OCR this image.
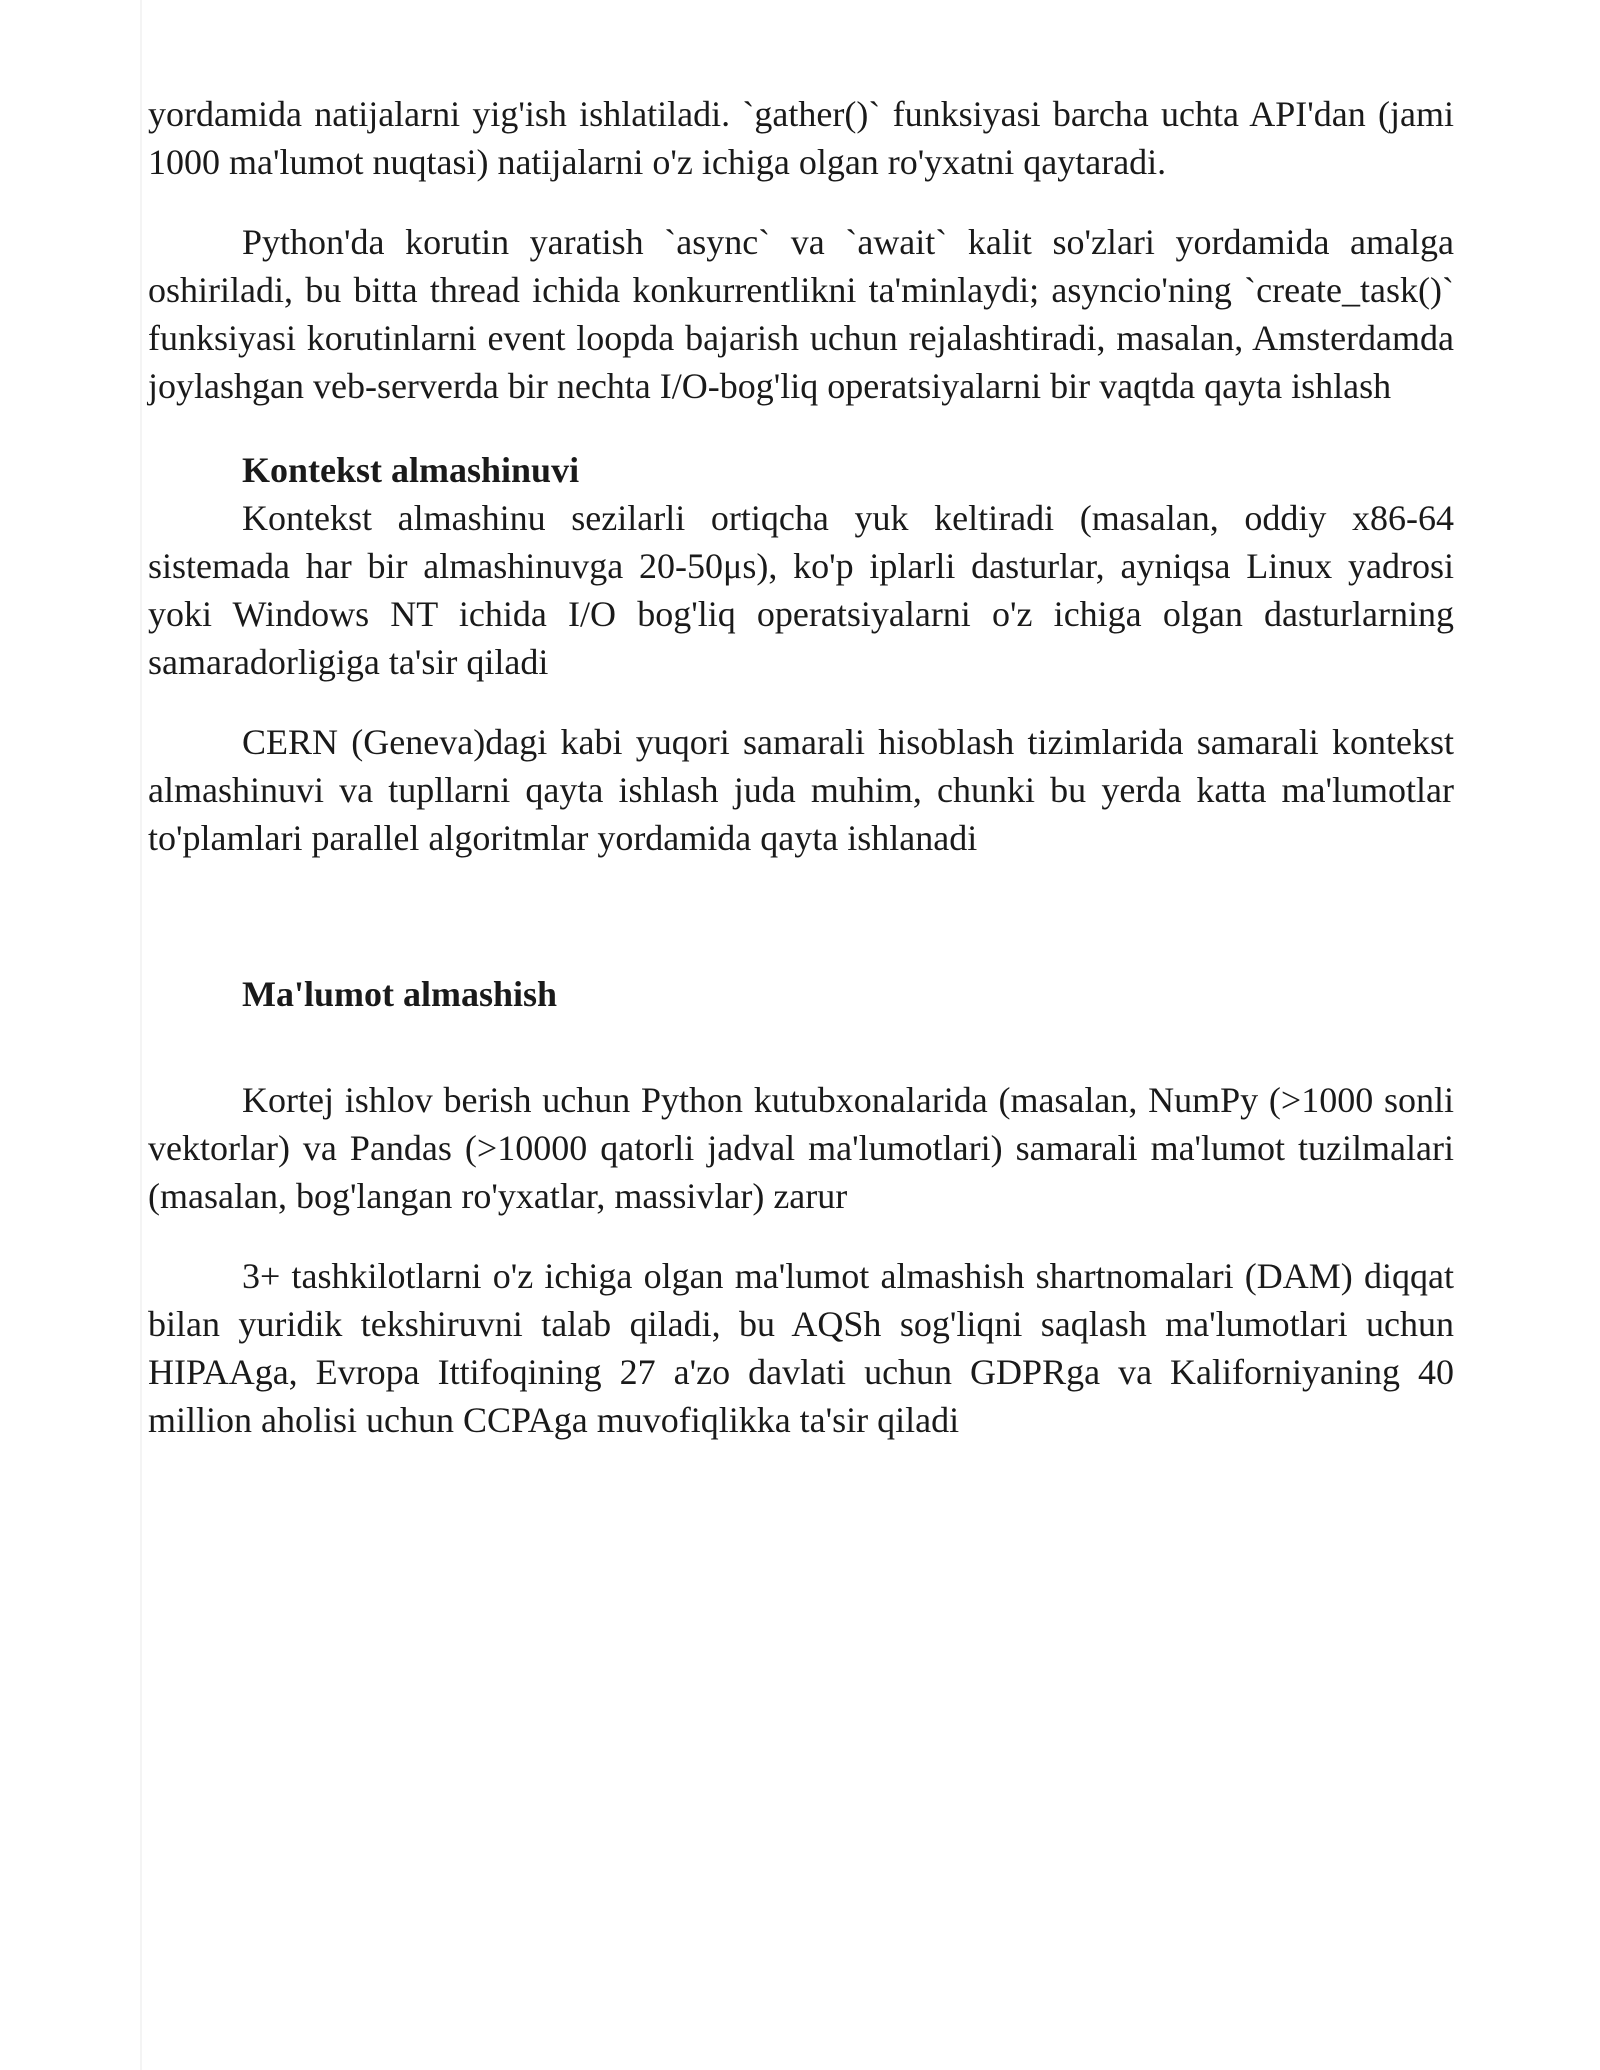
yordamida natijalarni yig'ish ishlatiladi. `gather()` funksiyasi barcha uchta API'dan (jami 1000 ma'lumot nuqtasi) natijalarni o'z ichiga olgan ro'yxatni qaytaradi.

Python'da korutin yaratish `async` va `await` kalit so'zlari yordamida amalga oshiriladi, bu bitta thread ichida konkurrentlikni ta'minlaydi; asyncio'ning `create_task()` funksiyasi korutinlarni event loopda bajarish uchun rejalashtiradi, masalan, Amsterdamda joylashgan veb-serverda bir nechta I/O-bog'liq operatsiyalarni bir vaqtda qayta ishlash

Kontekst almashinuvi

Kontekst almashinu sezilarli ortiqcha yuk keltiradi (masalan, oddiy x86-64 sistemada har bir almashinuvga 20-50μs), ko'p iplarli dasturlar, ayniqsa Linux yadrosi yoki Windows NT ichida I/O bog'liq operatsiyalarni o'z ichiga olgan dasturlarning samaradorligiga ta'sir qiladi

CERN (Geneva)dagi kabi yuqori samarali hisoblash tizimlarida samarali kontekst almashinuvi va tupllarni qayta ishlash juda muhim, chunki bu yerda katta ma'lumotlar to'plamlari parallel algoritmlar yordamida qayta ishlanadi

Ma'lumot almashish

Kortej ishlov berish uchun Python kutubxonalarida (masalan, NumPy (>1000 sonli vektorlar) va Pandas (>10000 qatorli jadval ma'lumotlari) samarali ma'lumot tuzilmalari (masalan, bog'langan ro'yxatlar, massivlar) zarur

3+ tashkilotlarni o'z ichiga olgan ma'lumot almashish shartnomalari (DAM) diqqat bilan yuridik tekshiruvni talab qiladi, bu AQSh sog'liqni saqlash ma'lumotlari uchun HIPAAga, Evropa Ittifoqining 27 a'zo davlati uchun GDPRga va Kaliforniyaning 40 million aholisi uchun CCPAga muvofiqlikka ta'sir qiladi
